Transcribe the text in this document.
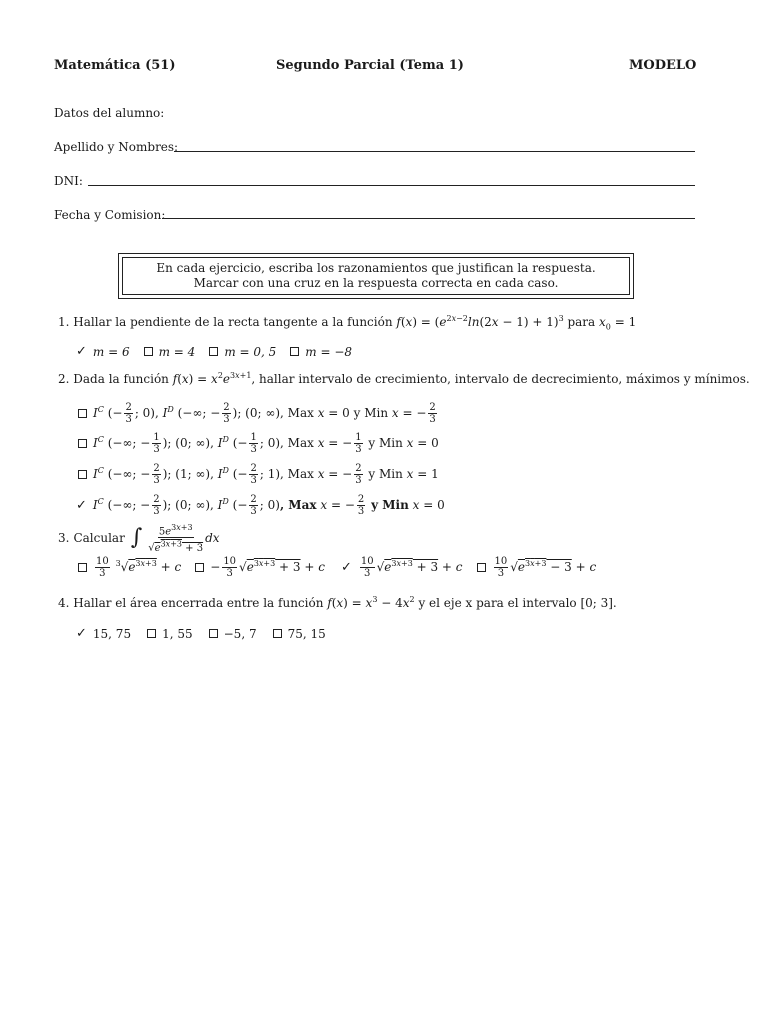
Matemática (51)	Segundo Parcial (Tema 1)	MODELO
Datos del alumno:
Apellido y Nombres:
DNI:
Fecha y Comision:
En cada ejercicio, escriba los razonamientos que justifican la respuesta.
Marcar con una cruz en la respuesta correcta en cada caso.
1. Hallar la pendiente de la recta tangente a la función $f(x) = (e^{2x-2}\ln(2x - 1) + 1)^3$ para $x_0 = 1$
✓ m = 6 m = 4 m = 0, 5 m = −8
2. Dada la función $f(x) = x^2e^{3x+1}$, hallar intervalo de crecimiento, intervalo de decrecimiento, máximos y mínimos.
$I^C$ (− $\frac{2}{3}$ ; 0), $I^D$ (−∞; − $\frac{2}{3}$ ); (0; ∞), Max x = 0 y Min x = − $\frac{2}{3}$
$I^C$ (−∞; − $\frac{1}{3}$ ); (0; ∞), $I^D$ (− $\frac{1}{3}$ ; 0), Max x = − $\frac{1}{3}$ y Min x = 0
$I^C$ (−∞; − $\frac{2}{3}$ ); (1; ∞), $I^D$ (− $\frac{2}{3}$ ; 1), Max x = − $\frac{2}{3}$ y Min x = 1
✓ $I^C$ (−∞; − $\frac{2}{3}$ ); (0; ∞), $I^D$ (− $\frac{2}{3}$ ; 0), Max x = − $\frac{2}{3}$ y Min x = 0
3. Calcular ∫ $\frac{5e^{3x+3}}{√e^{3x+3} + 3}$ dx
$\frac{10}{3} ^3√e^{3x+3} + c - \frac{10}{3} √e^{3x+3} + 3 + c$ ✓ $\frac{10}{3} √e^{3x+3} + 3 + c$	$\frac{10}{3} √e^{3x+3} - 3 + c$
4. Hallar el área encerrada entre la función $f(x) = x^3 - 4x^2$ y el eje x para el intervalo [0; 3].
✓ 15, 75	1, 55	−5, 7	75, 15
